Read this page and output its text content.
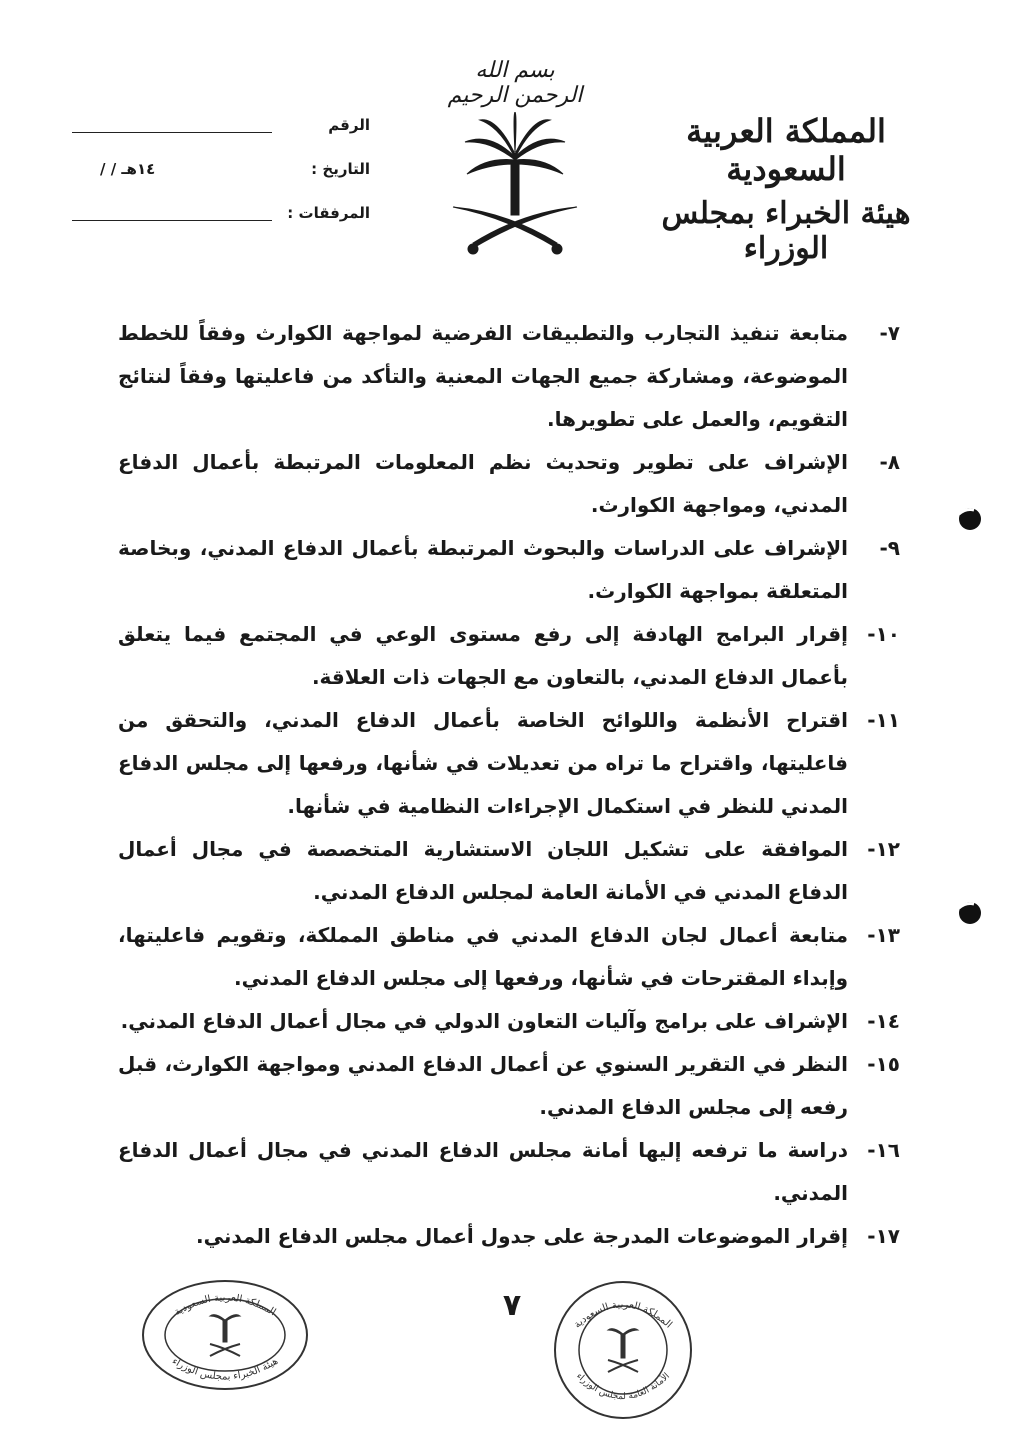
بسم الله الرحمن الرحيم
المملكة العربية السعودية
هيئة الخبراء بمجلس الوزراء
الرقم
التاريخ :
/ / ١٤هـ
المرفقات :
٧-
متابعة تنفيذ التجارب والتطبيقات الفرضية لمواجهة الكوارث وفقاً للخطط الموضوعة، ومشاركة جميع الجهات المعنية والتأكد من فاعليتها وفقاً لنتائج التقويم، والعمل على تطويرها.
٨-
الإشراف على تطوير وتحديث نظم المعلومات المرتبطة بأعمال الدفاع المدني، ومواجهة الكوارث.
٩-
الإشراف على الدراسات والبحوث المرتبطة بأعمال الدفاع المدني، وبخاصة المتعلقة بمواجهة الكوارث.
١٠-
إقرار البرامج الهادفة إلى رفع مستوى الوعي في المجتمع فيما يتعلق بأعمال الدفاع المدني، بالتعاون مع الجهات ذات العلاقة.
١١-
اقتراح الأنظمة واللوائح الخاصة بأعمال الدفاع المدني، والتحقق من فاعليتها، واقتراح ما تراه من تعديلات في شأنها، ورفعها إلى مجلس الدفاع المدني للنظر في استكمال الإجراءات النظامية في شأنها.
١٢-
الموافقة على تشكيل اللجان الاستشارية المتخصصة في مجال أعمال الدفاع المدني في الأمانة العامة لمجلس الدفاع المدني.
١٣-
متابعة أعمال لجان الدفاع المدني في مناطق المملكة، وتقويم فاعليتها، وإبداء المقترحات في شأنها، ورفعها إلى مجلس الدفاع المدني.
١٤-
الإشراف على برامج وآليات التعاون الدولي في مجال أعمال الدفاع المدني.
١٥-
النظر في التقرير السنوي عن أعمال الدفاع المدني ومواجهة الكوارث، قبل رفعه إلى مجلس الدفاع المدني.
١٦-
دراسة ما ترفعه إليها أمانة مجلس الدفاع المدني في مجال أعمال الدفاع المدني.
١٧-
إقرار الموضوعات المدرجة على جدول أعمال مجلس الدفاع المدني.
٧
المملكة العربية السعودية
هيئة الخبراء بمجلس الوزراء
المملكة العربية السعودية
الأمانة العامة لمجلس الوزراء
